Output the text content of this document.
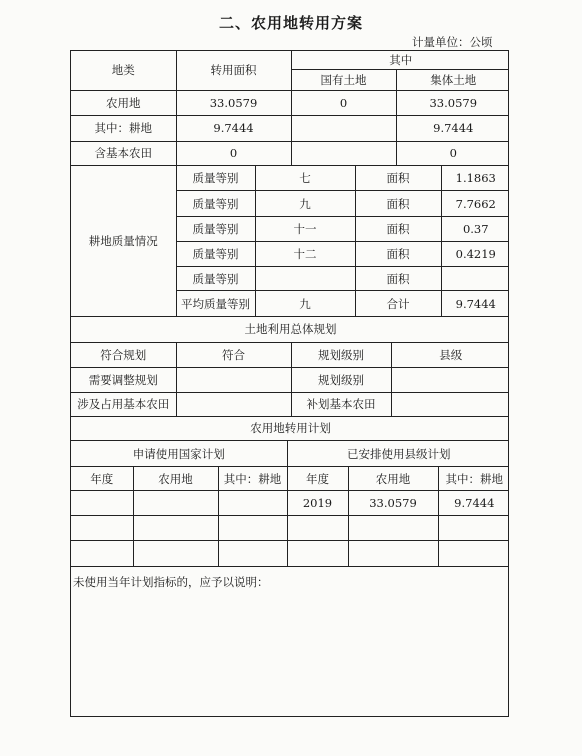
二、农用地转用方案
计量单位：公顷
地类	转用面积	其中	
		国有土地	集体土地
农用地	33.0579	0	33.0579
其中：耕地	9.7444		9.7444
含基本农田	0		0
耕地质量情况	质量等别	七	面积	1.1863
	质量等别	九	面积	7.7662
	质量等别	十一	面积	0.37
	质量等别	十二	面积	0.4219
	质量等别		面积	
	平均质量等别	九	合计	9.7444
土地利用总体规划			
符合规划	符合	规划级别	县级
需要调整规划		规划级别	
涉及占用基本农田		补划基本农田	
农用地转用计划					
申请使用国家计划			已安排使用县级计划		
年度	农用地	其中：耕地	年度	农用地	其中：耕地
			2019	33.0579	9.7444

未使用当年计划指标的，应予以说明：
